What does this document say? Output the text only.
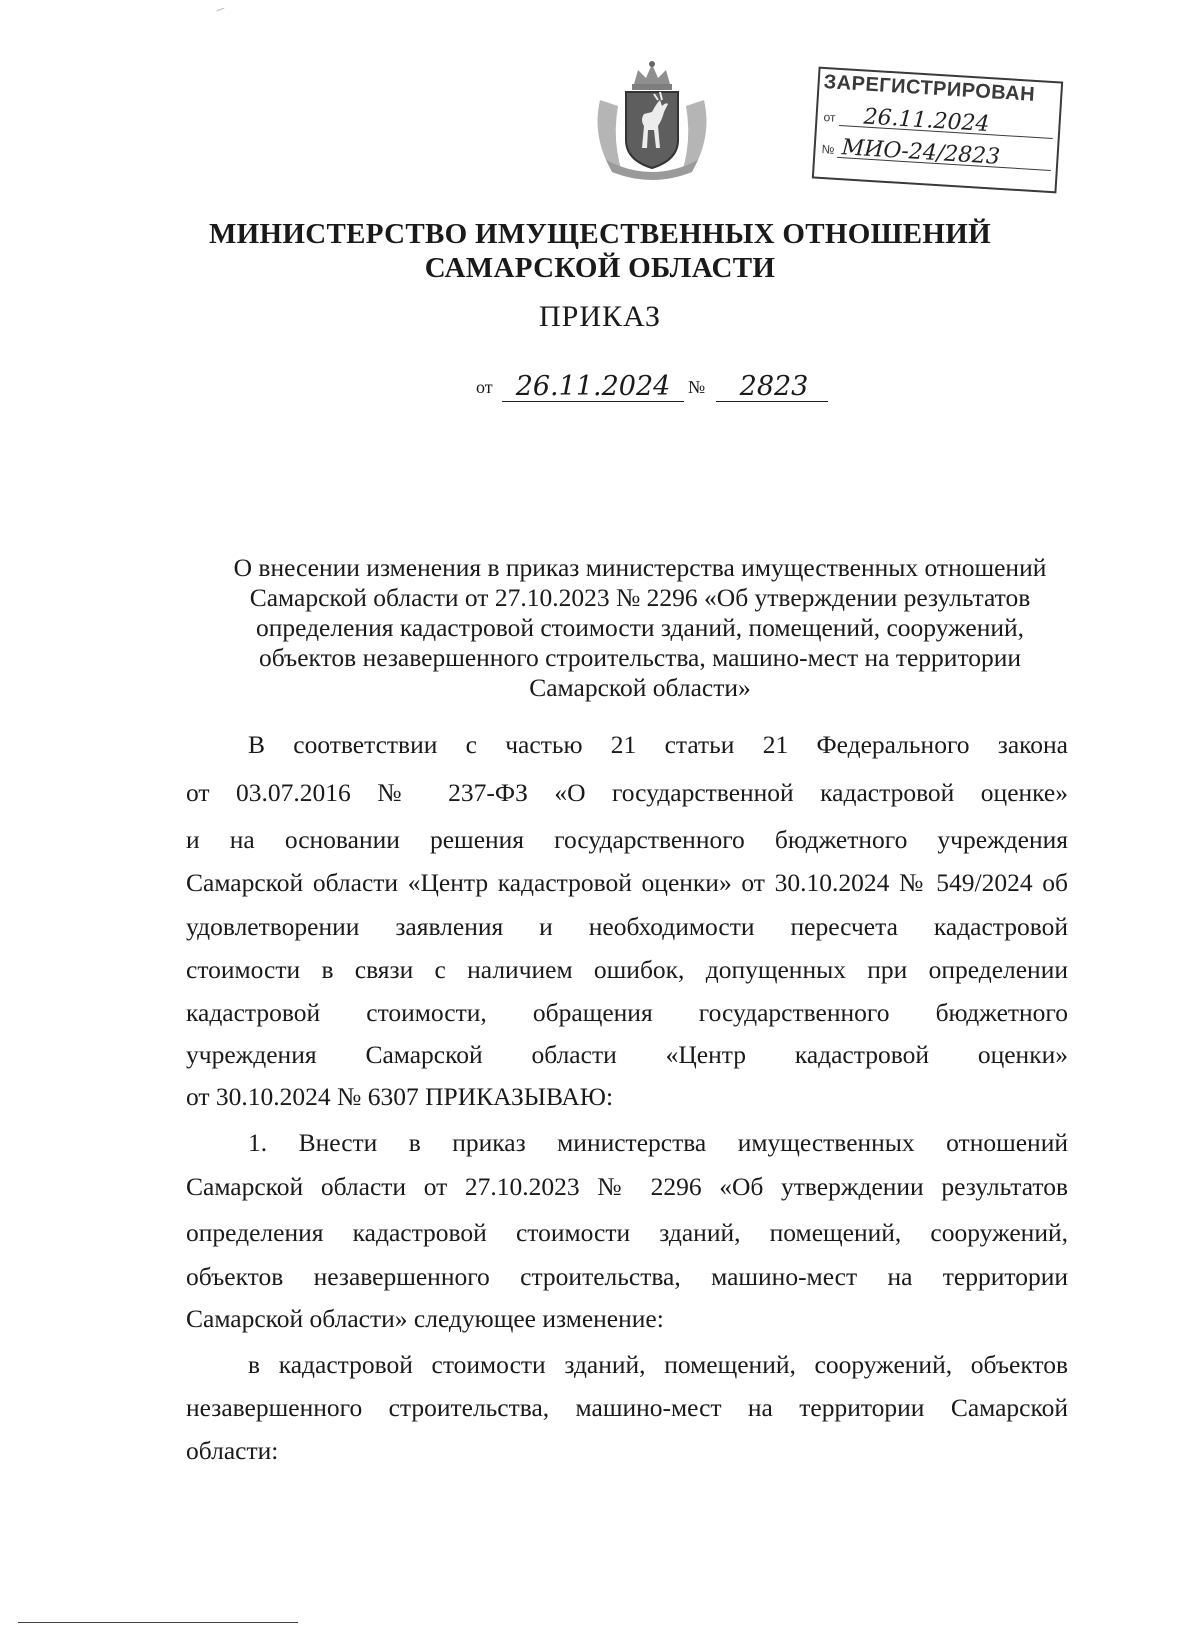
ЗАРЕГИСТРИРОВАН
от 26.11.2024
№ МИО-24/2823
МИНИСТЕРСТВО ИМУЩЕСТВЕННЫХ ОТНОШЕНИЙ
САМАРСКОЙ ОБЛАСТИ
ПРИКАЗ
от 26.11.2024 №	2823
О внесении изменения в приказ министерства имущественных отношений
Самарской области от 27.10.2023 № 2296 «Об утверждении результатов
определения кадастровой стоимости зданий, помещений, сооружений,
объектов незавершенного строительства, машино-мест на территории
Самарской области»
В соответствии с частью 21 статьи 21 Федерального закона
от 03.07.2016 № 237-ФЗ «О государственной кадастровой оценке»
и на основании решения государственного бюджетного учреждения
Самарской области «Центр кадастровой оценки» от 30.10.2024 № 549/2024 об
удовлетворении заявления и необходимости пересчета кадастровой
стоимости в связи с наличием ошибок, допущенных при определении
кадастровой стоимости, обращения государственного бюджетного
учреждения Самарской области «Центр кадастровой оценки»
от 30.10.2024 № 6307 ПРИКАЗЫВАЮ:
1. Внести в приказ министерства имущественных отношений
Самарской области от 27.10.2023 № 2296 «Об утверждении результатов
определения кадастровой стоимости зданий, помещений, сооружений,
объектов незавершенного строительства, машино-мест на территории
Самарской области» следующее изменение:
в кадастровой стоимости зданий, помещений, сооружений, объектов
незавершенного строительства, машино-мест на территории Самарской
области:
